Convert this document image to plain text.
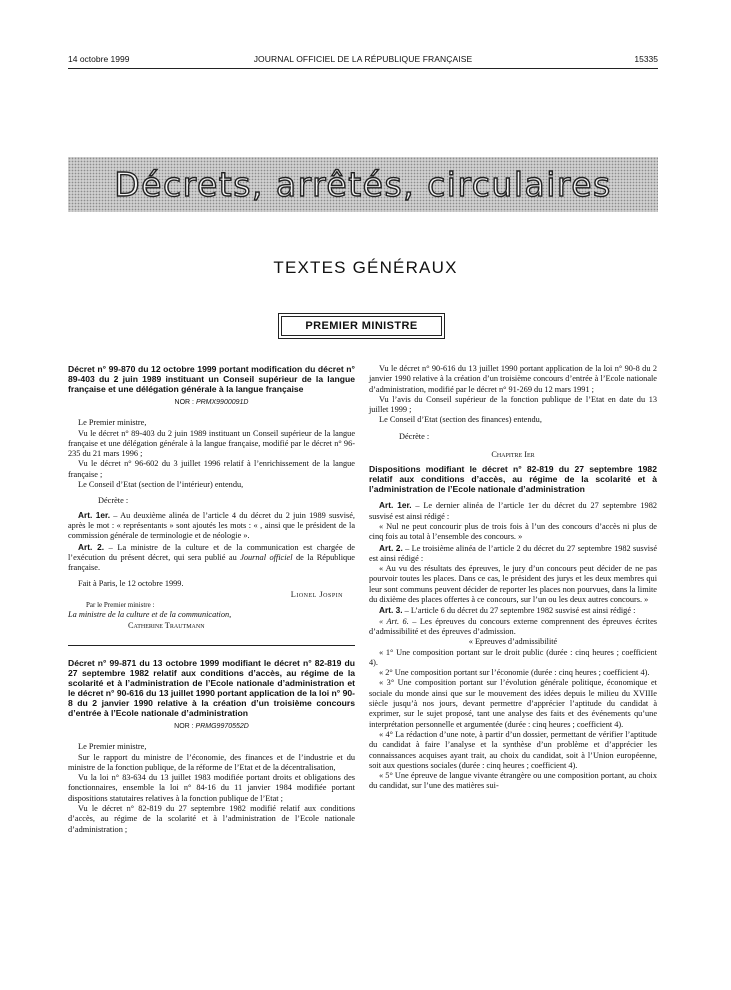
14 octobre 1999	JOURNAL OFFICIEL DE LA RÉPUBLIQUE FRANÇAISE	15335
Décrets, arrêtés, circulaires
TEXTES GÉNÉRAUX
PREMIER MINISTRE
Décret n° 99-870 du 12 octobre 1999 portant modification du décret n° 89-403 du 2 juin 1989 instituant un Conseil supérieur de la langue française et une délégation générale à la langue française
NOR : PRMX9900091D

Le Premier ministre,

Vu le décret n° 89-403 du 2 juin 1989 instituant un Conseil supérieur de la langue française et une délégation générale à la langue française, modifié par le décret n° 96-235 du 21 mars 1996 ;

Vu le décret n° 96-602 du 3 juillet 1996 relatif à l’enrichissement de la langue française ;

Le Conseil d’Etat (section de l’intérieur) entendu,

Décrète :

Art. 1er. – Au deuxième alinéa de l’article 4 du décret du 2 juin 1989 susvisé, après le mot : « représentants » sont ajoutés les mots : « , ainsi que le président de la commission générale de terminologie et de néologie ».

Art. 2. – La ministre de la culture et de la communication est chargée de l’exécution du présent décret, qui sera publié au Journal officiel de la République française.

Fait à Paris, le 12 octobre 1999.

Lionel Jospin
Par le Premier ministre :

La ministre de la culture et de la communication,

Catherine Trautmann
Décret n° 99-871 du 13 octobre 1999 modifiant le décret n° 82-819 du 27 septembre 1982 relatif aux conditions d’accès, au régime de la scolarité et à l’administration de l’Ecole nationale d’administration et le décret n° 90-616 du 13 juillet 1990 portant application de la loi n° 90-8 du 2 janvier 1990 relative à la création d’un troisième concours d’entrée à l’Ecole nationale d’administration
NOR : PRMG9970552D

Le Premier ministre,

Sur le rapport du ministre de l’économie, des finances et de l’industrie et du ministre de la fonction publique, de la réforme de l’Etat et de la décentralisation,

Vu la loi n° 83-634 du 13 juillet 1983 modifiée portant droits et obligations des fonctionnaires, ensemble la loi n° 84-16 du 11 janvier 1984 modifiée portant dispositions statutaires relatives à la fonction publique de l’Etat ;

Vu le décret n° 82-819 du 27 septembre 1982 modifié relatif aux conditions d’accès, au régime de la scolarité et à l’administration de l’Ecole nationale d’administration ;

Vu le décret n° 90-616 du 13 juillet 1990 portant application de la loi n° 90-8 du 2 janvier 1990 relative à la création d’un troisième concours d’entrée à l’Ecole nationale d’administration, modifié par le décret n° 91-269 du 12 mars 1991 ;

Vu l’avis du Conseil supérieur de la fonction publique de l’Etat en date du 13 juillet 1999 ;

Le Conseil d’Etat (section des finances) entendu,

Décrète :
Chapitre Ier
Dispositions modifiant le décret n° 82-819 du 27 septembre 1982 relatif aux conditions d’accès, au régime de la scolarité et à l’administration de l’Ecole nationale d’administration

Art. 1er. – Le dernier alinéa de l’article 1er du décret du 27 septembre 1982 susvisé est ainsi rédigé :

« Nul ne peut concourir plus de trois fois à l’un des concours d’accès ni plus de cinq fois au total à l’ensemble des concours. »

Art. 2. – Le troisième alinéa de l’article 2 du décret du 27 septembre 1982 susvisé est ainsi rédigé :

« Au vu des résultats des épreuves, le jury d’un concours peut décider de ne pas pourvoir toutes les places. Dans ce cas, le président des jurys et les deux membres qui leur sont communs peuvent décider de reporter les places non pourvues, dans la limite du dixième des places offertes à ce concours, sur l’un ou les deux autres concours. »

Art. 3. – L’article 6 du décret du 27 septembre 1982 susvisé est ainsi rédigé :

« Art. 6. – Les épreuves du concours externe comprennent des épreuves écrites d’admissibilité et des épreuves d’admission.

« Epreuves d’admissibilité

« 1° Une composition portant sur le droit public (durée : cinq heures ; coefficient 4).

« 2° Une composition portant sur l’économie (durée : cinq heures ; coefficient 4).

« 3° Une composition portant sur l’évolution générale politique, économique et sociale du monde ainsi que sur le mouvement des idées depuis le milieu du XVIIIe siècle jusqu’à nos jours, devant permettre d’apprécier l’aptitude du candidat à exprimer, sur le sujet proposé, tant une analyse des faits et des événements qu’une interprétation personnelle et argumentée (durée : cinq heures ; coefficient 4).

« 4° La rédaction d’une note, à partir d’un dossier, permettant de vérifier l’aptitude du candidat à faire l’analyse et la synthèse d’un problème et d’apprécier les connaissances acquises ayant trait, au choix du candidat, soit à l’Union européenne, soit aux questions sociales (durée : cinq heures ; coefficient 4).

« 5° Une épreuve de langue vivante étrangère ou une composition portant, au choix du candidat, sur l’une des matières sui-
